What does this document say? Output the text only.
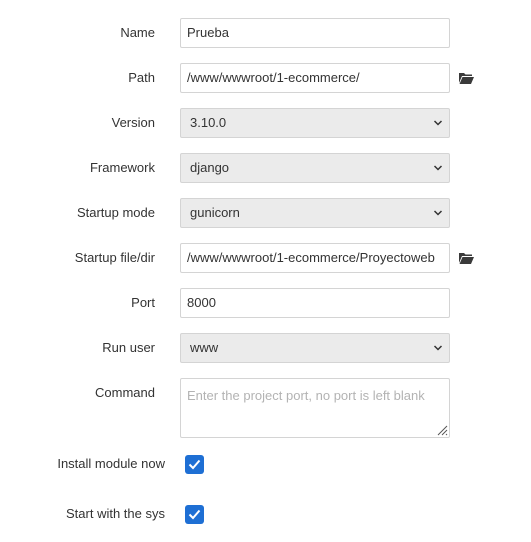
Name	Prueba
Path	/www/wwwroot/1-ecommerce/
Version	3.10.0
Framework	django
Startup mode	gunicorn
Startup file/dir	/www/wwwroot/1-ecommerce/Proyectoweb
Port	8000
Run user	www
Command	Enter the project port, no port is left blank
Install module now
Start with the sys
